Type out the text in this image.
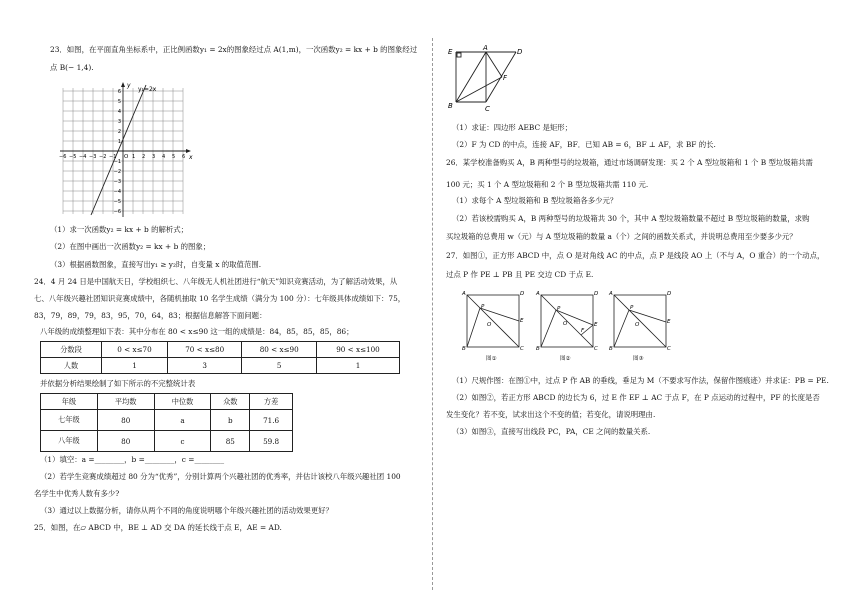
23．如图，在平面直角坐标系中，正比例函数y₁ = 2x的图象经过点 A(1,m)，一次函数y₂ = kx + b 的图象经过

点 B(− 1,4).

y₁=2x
x
y
O
−6 −5 −4 −3 −2 −1	1 2 3 4 5 6
6
5
4
3
2
1
−1
−2
−3
−4
−5
−6

（1）求一次函数y₂ = kx + b 的解析式；

（2）在图中画出一次函数y₂ = kx + b 的图象；

（3）根据函数图象，直接写出y₁ ≥ y₂时，自变量 x 的取值范围.

24．4 月 24 日是中国航天日，学校组织七、八年级无人机社团进行“航天”知识竞赛活动，为了解活动效果，从

七、八年级兴趣社团知识竞赛成绩中，各随机抽取 10 名学生成绩（满分为 100 分）：七年级具体成绩如下：75，

83，79，89，79，83，95，70，64，83；根据信息解答下面问题：

八年级的成绩整理如下表：其中分布在 80 < x≤90 这一组的成绩是：84，85，85，85，86；

分数段	0 < x≤70	70 < x≤80	80 < x≤90	90 < x≤100
人数	1	3	5	1

并依据分析结果绘制了如下所示的不完整统计表

年级	平均数	中位数	众数	方差
七年级	80	a	b	71.6
八年级	80	c	85	59.8

（1）填空：a =________，b =________，c =________

（2）若学生竞赛成绩超过 80 分为“优秀”，分别计算两个兴趣社团的优秀率，并估计该校八年级兴趣社团 100

名学生中优秀人数有多少?

（3）通过以上数据分析，请你从两个不同的角度说明哪个年级兴趣社团的活动效果更好？

25．如图，在▱ ABCD 中，BE ⊥ AD 交 DA 的延长线于点 E，AE = AD.

E	A	D
F
B	C

（1）求证：四边形 AEBC 是矩形；

（2）F 为 CD 的中点，连接 AF，BF．已知 AB = 6，BF ⊥ AF，求 BF 的长.

26．某学校准备购买 A，B 两种型号的垃圾箱，通过市场调研发现：买 2 个 A 型垃圾箱和 1 个 B 型垃圾箱共需

100 元；买 1 个 A 型垃圾箱和 2 个 B 型垃圾箱共需 110 元.

（1）求每个 A 型垃圾箱和 B 型垃圾箱各多少元？

（2）若该校需购买 A，B 两种型号的垃圾箱共 30 个，其中 A 型垃圾箱数量不超过 B 型垃圾箱的数量，求购

买垃圾箱的总费用 w（元）与 A 型垃圾箱的数量 a（个）之间的函数关系式，并说明总费用至少要多少元？

27．如图①，正方形 ABCD 中，点 O 是对角线 AC 的中点，点 P 是线段 AO 上（不与 A，O 重合）的一个动点，

过点 P 作 PE ⊥ PB 且 PE 交边 CD 于点 E.

A	D
P
E
O
B	C
图①
A	D
P
E
F
O
B	C
图②
A	D
P
E
O
B	C
图③

（1）尺规作图：在图①中，过点 P 作 AB 的垂线，垂足为 M（不要求写作法，保留作图痕迹）并求证：PB = PE.

（2）如图②，若正方形 ABCD 的边长为 6，过 E 作 EF ⊥ AC 于点 F，在 P 点运动的过程中，PF 的长度是否

发生变化？若不变，试求出这个不变的值；若变化，请说明理由.

（3）如图③，直接写出线段 PC，PA，CE 之间的数量关系.
